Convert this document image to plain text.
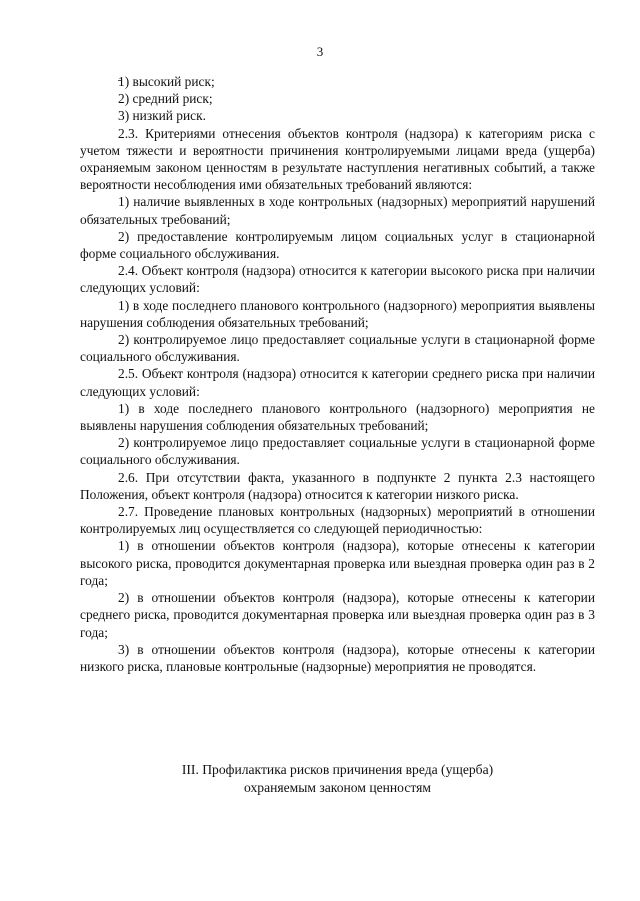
3

1) высокий риск;

2) средний риск;

3) низкий риск.

2.3. Критериями отнесения объектов контроля (надзора) к категориям риска с учетом тяжести и вероятности причинения контролируемыми лицами вреда (ущерба) охраняемым законом ценностям в результате наступления негативных событий, а также вероятности несоблюдения ими обязательных требований являются:

1) наличие выявленных в ходе контрольных (надзорных) мероприятий нарушений обязательных требований;

2) предоставление контролируемым лицом социальных услуг в стационарной форме социального обслуживания.

2.4. Объект контроля (надзора) относится к категории высокого риска при наличии следующих условий:

1) в ходе последнего планового контрольного (надзорного) мероприятия выявлены нарушения соблюдения обязательных требований;

2) контролируемое лицо предоставляет социальные услуги в стационарной форме социального обслуживания.

2.5. Объект контроля (надзора) относится к категории среднего риска при наличии следующих условий:

1) в ходе последнего планового контрольного (надзорного) мероприятия не выявлены нарушения соблюдения обязательных требований;

2) контролируемое лицо предоставляет социальные услуги в стационарной форме социального обслуживания.

2.6. При отсутствии факта, указанного в подпункте 2 пункта 2.3 настоящего Положения, объект контроля (надзора) относится к категории низкого риска.

2.7. Проведение плановых контрольных (надзорных) мероприятий в отношении контролируемых лиц осуществляется со следующей периодичностью:

1) в отношении объектов контроля (надзора), которые отнесены к категории высокого риска, проводится документарная проверка или выездная проверка один раз в 2 года;

2) в отношении объектов контроля (надзора), которые отнесены к категории среднего риска, проводится документарная проверка или выездная проверка один раз в 3 года;

3) в отношении объектов контроля (надзора), которые отнесены к категории низкого риска, плановые контрольные (надзорные) мероприятия не проводятся.

III. Профилактика рисков причинения вреда (ущерба)
охраняемым законом ценностям
